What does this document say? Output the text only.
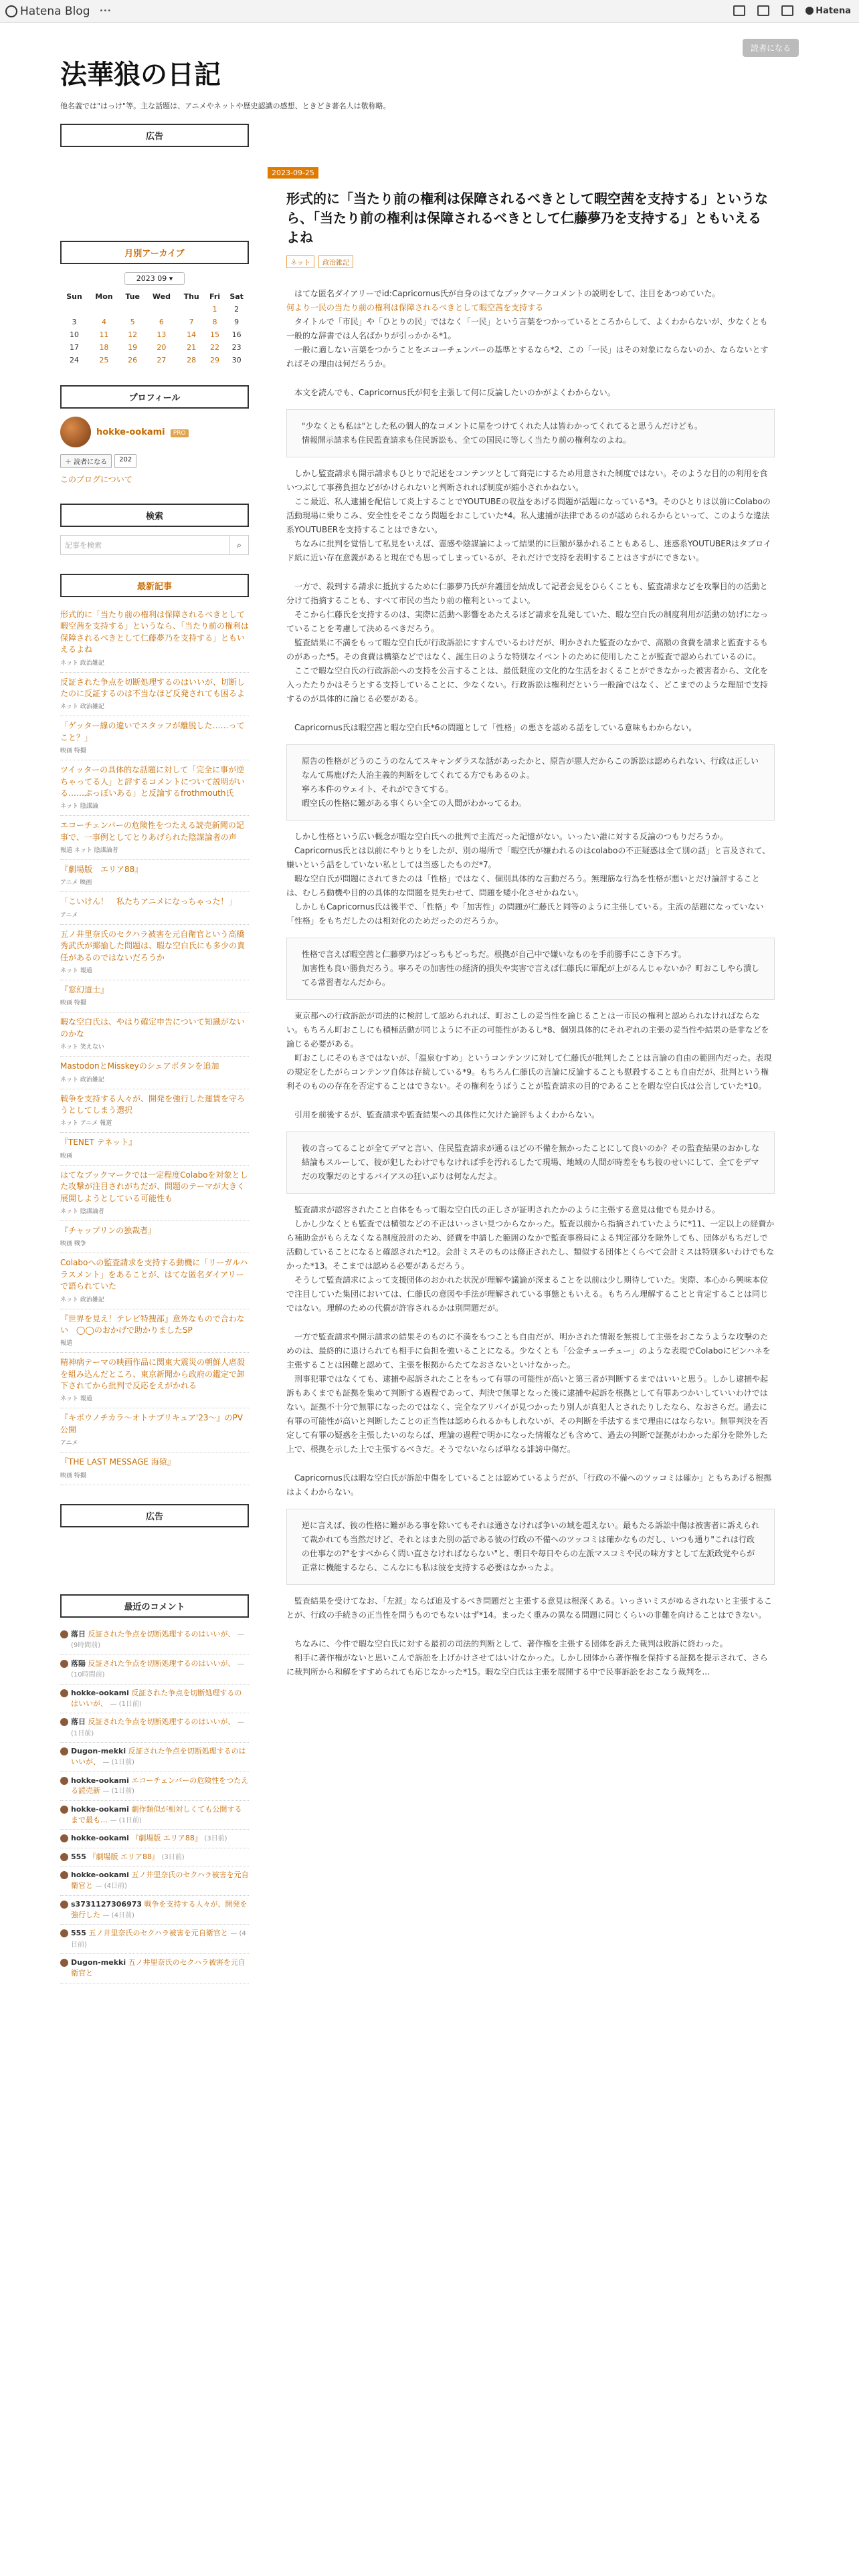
Hatena Blog •••	Hatena
法華狼の日記
他名義では"はっけ"等。主な話題は、アニメやネットや歴史認識の感想、ときどき著名人は敬称略。
読者になる
広告
月別アーカイブ
2023 09 ▾
Sun	Mon	Tue	Wed	Thu	Fri	Sat
					1	2
3	4	5	6	7	8	9
10	11	12	13	14	15	16
17	18	19	20	21	22	23
24	25	26	27	28	29	30
プロフィール
hokke-ookami PRO
＋ 読者になる	202
このブログについて
検索
記事を検索	⌕
最新記事
形式的に「当たり前の権利は保障されるべきとして暇空茜を支持する」というなら、「当たり前の権利は保障されるべきとして仁藤夢乃を支持する」ともいえるよね
ネット 政治雑記
反証された争点を切断処理するのはいいが、切断したのに反証するのは不当なほど反発されても困るよ
ネット 政治雑記
「ゲッター線の違いでスタッフが離脱した……ってこと？」
映画 特撮
ツイッターの具体的な話題に対して「完全に事が逆ちゃってる人」と評するコメントについて説明がいる……ぷっぽいある」と反論するfrothmouth氏
ネット 陰謀論
エコーチェンバーの危険性をつたえる読売新聞の記事で、一事例としてとりあげられた陰謀論者の声
報道 ネット 陰謀論者
『劇場版　エリア88』
アニメ 映画
「こいけん！　私たちアニメになっちゃった！」
アニメ
五ノ井里奈氏のセクハラ被害を元自衛官という高橋秀武氏が揶揄した問題は、暇な空白氏にも多少の責任があるのではないだろうか
ネット 報道
『窓幻道士』
映画 特撮
暇な空白氏は、やはり確定申告について知識がないのかな
ネット 笑えない
MastodonとMisskeyのシェアボタンを追加
ネット 政治雑記
戦争を支持する人々が、開発を強行した運賃を守ろうとしてしまう選択
ネット アニメ 報道
『TENET テネット』
映画
はてなブックマークでは一定程度Colaboを対象とした攻撃が注目されがちだが、問題のテーマが大きく展開しようとしている可能性も
ネット 陰謀論者
『チャップリンの独裁者』
映画 戦争
Colaboへの監査請求を支持する動機に「リーガルハラスメント」をあることが、はてな匿名ダイアリーで語られていた
ネット 政治雑記
『世界を見え！テレビ特捜部』意外なもので合わない　◯◯のおかげで助かりましたSP
報道
精神病テーマの映画作品に関東大震災の朝鮮人虐殺を組み込んだところ、東京新聞から政府の鑑定で卸下されてから批判で反応をえがかれる
ネット 報道
『キボウノチカラ〜オトナプリキュア'23〜』のPV公開
アニメ
『THE LAST MESSAGE 海猿』
映画 特撮
広告
最近のコメント
落日 反証された争点を切断処理するのはいいが、 — (9時間前)
落陽 反証された争点を切断処理するのはいいが、 — (10時間前)
hokke-ookami 反証された争点を切断処理するのはいいが、 — (1日前)
落日 反証された争点を切断処理するのはいいが、 — (1日前)
Dugon-mekki 反証された争点を切断処理するのはいいが、 — (1日前)
hokke-ookami エコーチェンバーの危険性をつたえる読売新 — (1日前)
hokke-ookami 劇作類似が相対しくても公開するまで最も… — (1日前)
hokke-ookami 『劇場版 エリア88』 (3日前)
555 『劇場版 エリア88』 (3日前)
hokke-ookami 五ノ井里奈氏のセクハラ被害を元自衛官と — (4日前)
s3731127306973 戦争を支持する人々が、開発を強行した — (4日前)
555 五ノ井里奈氏のセクハラ被害を元自衛官と — (4日前)
Dugon-mekki 五ノ井里奈氏のセクハラ被害を元自衛官と
2023-09-25
形式的に「当たり前の権利は保障されるべきとして暇空茜を支持する」というなら、「当たり前の権利は保障されるべきとして仁藤夢乃を支持する」ともいえるよね
ネット	政治雑記

はてな匿名ダイアリーでid:Capricornus氏が自身のはてなブックマークコメントの説明をして、注目をあつめていた。

何より一民の当たり前の権利は保障されるべきとして暇空茜を支持する

タイトルで「市民」や「ひとりの民」ではなく「一民」という言葉をつかっているところからして、よくわからないが、少なくとも一般的な辞書では人名ばかりが引っかかる*1。

一般に適しない言葉をつかうことをエコーチェンバーの基準とするなら*2、この「一民」はその対象にならないのか、ならないとすればその理由は何だろうか。

本文を読んでも、Capricornus氏が何を主張して何に反論したいのかがよくわからない。

"少なくとも私は"とした私の個人的なコメントに星をつけてくれた人は皆わかってくれてると思うんだけども。
情報開示請求も住民監査請求も住民訴訟も、全ての国民に等しく当たり前の権利なのよね。

しかし監査請求も開示請求もひとりで記述をコンテンツとして商売にするため用意された制度ではない。そのような目的の利用を食いつぶして事務負担などがかけられないと判断されれば制度が縮小されかねない。

ここ最近、私人逮捕を配信して炎上することでYOUTUBEの収益をあげる問題が話題になっている*3。そのひとりは以前にColaboの活動現場に乗りこみ、安全性をそこなう問題をおこしていた*4。私人逮捕が法律であるのが認められるからといって、このような違法系YOUTUBERを支持することはできない。

ちなみに批判を覚悟して私見をいえば、霊感や陰謀論によって結果的に巨額が暴かれることもあるし、迷惑系YOUTUBERはタブロイド紙に近い存在意義があると現在でも思ってしまっているが、それだけで支持を表明することはさすがにできない。

一方で、殺到する請求に抵抗するために仁藤夢乃氏が弁護団を結成して記者会見をひらくことも、監査請求などを攻撃目的の活動と分けて指摘することも、すべて市民の当たり前の権利といってよい。

そこから仁藤氏を支持するのは、実際に活動へ影響をあたえるほど請求を乱発していた、暇な空白氏の制度利用が活動の妨げになっていることを考慮して決めるべきだろう。

監査結果に不満をもって暇な空白氏が行政訴訟にすすんでいるわけだが、明かされた監査のなかで、高額の食費を請求と監査するものがあった*5。その食費は構築などではなく、誕生日のような特別なイベントのために使用したことが監査で認められているのに。

ここで暇な空白氏の行政訴訟への支持を公言することは、最低限度の文化的な生活をおくることができなかった被害者から、文化を入ったたりかはそうとする支持していることに、少なくない。行政訴訟は権利だという一般論ではなく、どこまでのような理屈で支持するのが具体的に論じる必要がある。

Capricornus氏は暇空茜と暇な空白氏*6の問題として「性格」の悪さを認める話をしている意味もわからない。

原告の性格がどうのこうのなんてスキャンダラスな話があったかと、原告が悪人だからこの訴訟は認められない、行政は正しいなんて馬鹿げた人治主義的判断をしてくれてる方でもあるのよ。
寧ろ本件のウェイト、それができてする。
暇空氏の性格に難がある事くらい全ての人間がわかってるわ。

しかし性格という広い概念が暇な空白氏への批判で主流だった記憶がない。いったい誰に対する反論のつもりだろうか。

Capricornus氏とは以前にやりとりをしたが、別の場所で「暇空氏が嫌われるのはcolaboの不正疑惑は全て別の話」と言及されて、嫌いという話をしていない私としては当惑したものだ*7。

暇な空白氏が問題にされてきたのは「性格」ではなく、個別具体的な言動だろう。無理筋な行為を性格が悪いとだけ論評することは、むしろ動機や目的の具体的な問題を見失わせて、問題を矮小化させかねない。

しかしもCapricornus氏は後半で、「性格」や「加害性」の問題が仁藤氏と同等のように主張している。主流の話題になっていない「性格」をもちだしたのは相対化のためだったのだろうか。

性格で言えば暇空茜と仁藤夢乃はどっちもどっちだ。根拠が自己中で嫌いなものを手前勝手にこき下ろす。
加害性も良い勝負だろう。寧ろその加害性の経済的損失や実害で言えば仁藤氏に軍配が上がるんじゃないか？町おこしやら潰してる常習者なんだから。

東京都への行政訴訟が司法的に検討して認められれば、町おこしの妥当性を論じることは一市民の権利と認められなければならない。もちろん町おこしにも積極活動が同じように不正の可能性があるし*8、個別具体的にそれぞれの主張の妥当性や結果の是非などを論じる必要がある。

町おこしにそのもさではないが、「温泉むすめ」というコンテンツに対して仁藤氏が批判したことは言論の自由の範囲内だった。表現の規定をしたがらコンテンツ自体は存続している*9。もちろん仁藤氏の言論に反論することも慰殺することも自由だが、批判という権利そのものの存在を否定することはできない。その権利をうばうことが監査請求の目的であることを暇な空白氏は公言していた*10。

引用を前後するが、監査請求や監査結果への具体性に欠けた論評もよくわからない。

彼の言ってることが全てデマと言い、住民監査請求が通るほどの不備を無かったことにして良いのか？その監査結果のおかしな結論もスルーして、彼が犯したわけでもなければ手を汚れるしたて現場、地域の人間が時差をもち彼のせいにして、全てをデマだの攻撃だのとするバイアスの狂いぶりは何なんだよ。

監査請求が認容されたこと自体をもって暇な空白氏の正しさが証明されたかのように主張する意見は他でも見かける。

しかし少なくとも監査では横領などの不正はいっさい見つからなかった。監査以前から指摘されていたように*11、一定以上の経費から補助金がもらえなくなる制度設計のため、経費を申請した範囲のなかで監査事務局による判定部分を除外しても、団体がもちだしで活動していることになると確認された*12。会計ミスそのものは修正されたし、類似する団体とくらべて会計ミスは特別多いわけでもなかった*13。そこまでは認める必要があるだろう。

そうして監査請求によって支援団体のおかれた状況が理解や議論が深まることを以前は少し期待していた。実際、本心から興味本位で注目していた集団においては、仁藤氏の意図や手法が理解されている事態ともいえる。もちろん理解することと肯定することは同じではない。理解のための代償が許容されるかは別問題だが。

一方で監査請求や開示請求の結果そのものに不満をもつことも自由だが、明かされた情報を無視して主張をおこなうような攻撃のためのは、最終的に退けられても相手に負担を強いることになる。少なくとも「公金チューチュー」のような表現でColaboにピンハネを主張することは困難と認めて、主張を根拠からたてなおさないといけなかった。

刑事犯罪ではなくても、逮捕や起訴されたことをもって有罪の可能性が高いと第三者が判断するまではいいと思う。しかし逮捕や起訴もあくまでも証拠を集めて判断する過程であって、判決で無罪となった後に逮捕や起訴を根拠として有罪あつかいしていいわけではない。証拠不十分で無罪になったのではなく、完全なアリバイが見つかったり別人が真犯人とされたりしたなら、なおさらだ。過去に有罪の可能性が高いと判断したことの正当性は認められるかもしれないが、その判断を手法するまで理由にはならない。無罪判決を否定して有罪の疑惑を主張したいのならば、理論の過程で明かになった情報なども含めて、過去の判断で証拠がわかった部分を除外した上で、根拠を示した上で主張するべきだ。そうでないならば単なる誹謗中傷だ。

Capricornus氏は暇な空白氏が訴訟中傷をしていることは認めているようだが、「行政の不備へのツッコミは確か」ともちあげる根拠はよくわからない。

逆に言えば、彼の性格に難がある事を除いてもそれは通さなければ争いの域を超えない。最もたる訴訟中傷は被害者に訴えられて裁かれても当然だけど、それとはまた別の話である彼の行政の不備へのツッコミは確かなものだし、いつも通り"これは行政の仕事なの?"をすべからく問い直さなければならない"と、朝日や毎日やらの左派マスコミや民の味方すとして左派政党やらが正常に機能するなら、こんなにも私は彼を支持する必要はなかったよ。

監査結果を受けてなお、「左派」ならば追及するべき問題だと主張する意見は根深くある。いっさいミスがゆるされないと主張することが、行政の手続きの正当性を問うものでもないはず*14。まったく重みの異なる問題に同じくらいの非難を向けることはできない。

ちなみに、今件で暇な空白氏に対する最初の司法的判断として、著作権を主張する団体を訴えた裁判は敗訴に終わった。

相手に著作権がないと思いこんで訴訟を上げかけさせてはいけなかった。しかし団体から著作権を保持する証拠を提示されて、さらに裁判所から和解をすすめられても応じなかった*15。暇な空白氏は主張を展開する中で民事訴訟をおこなう裁判を...
